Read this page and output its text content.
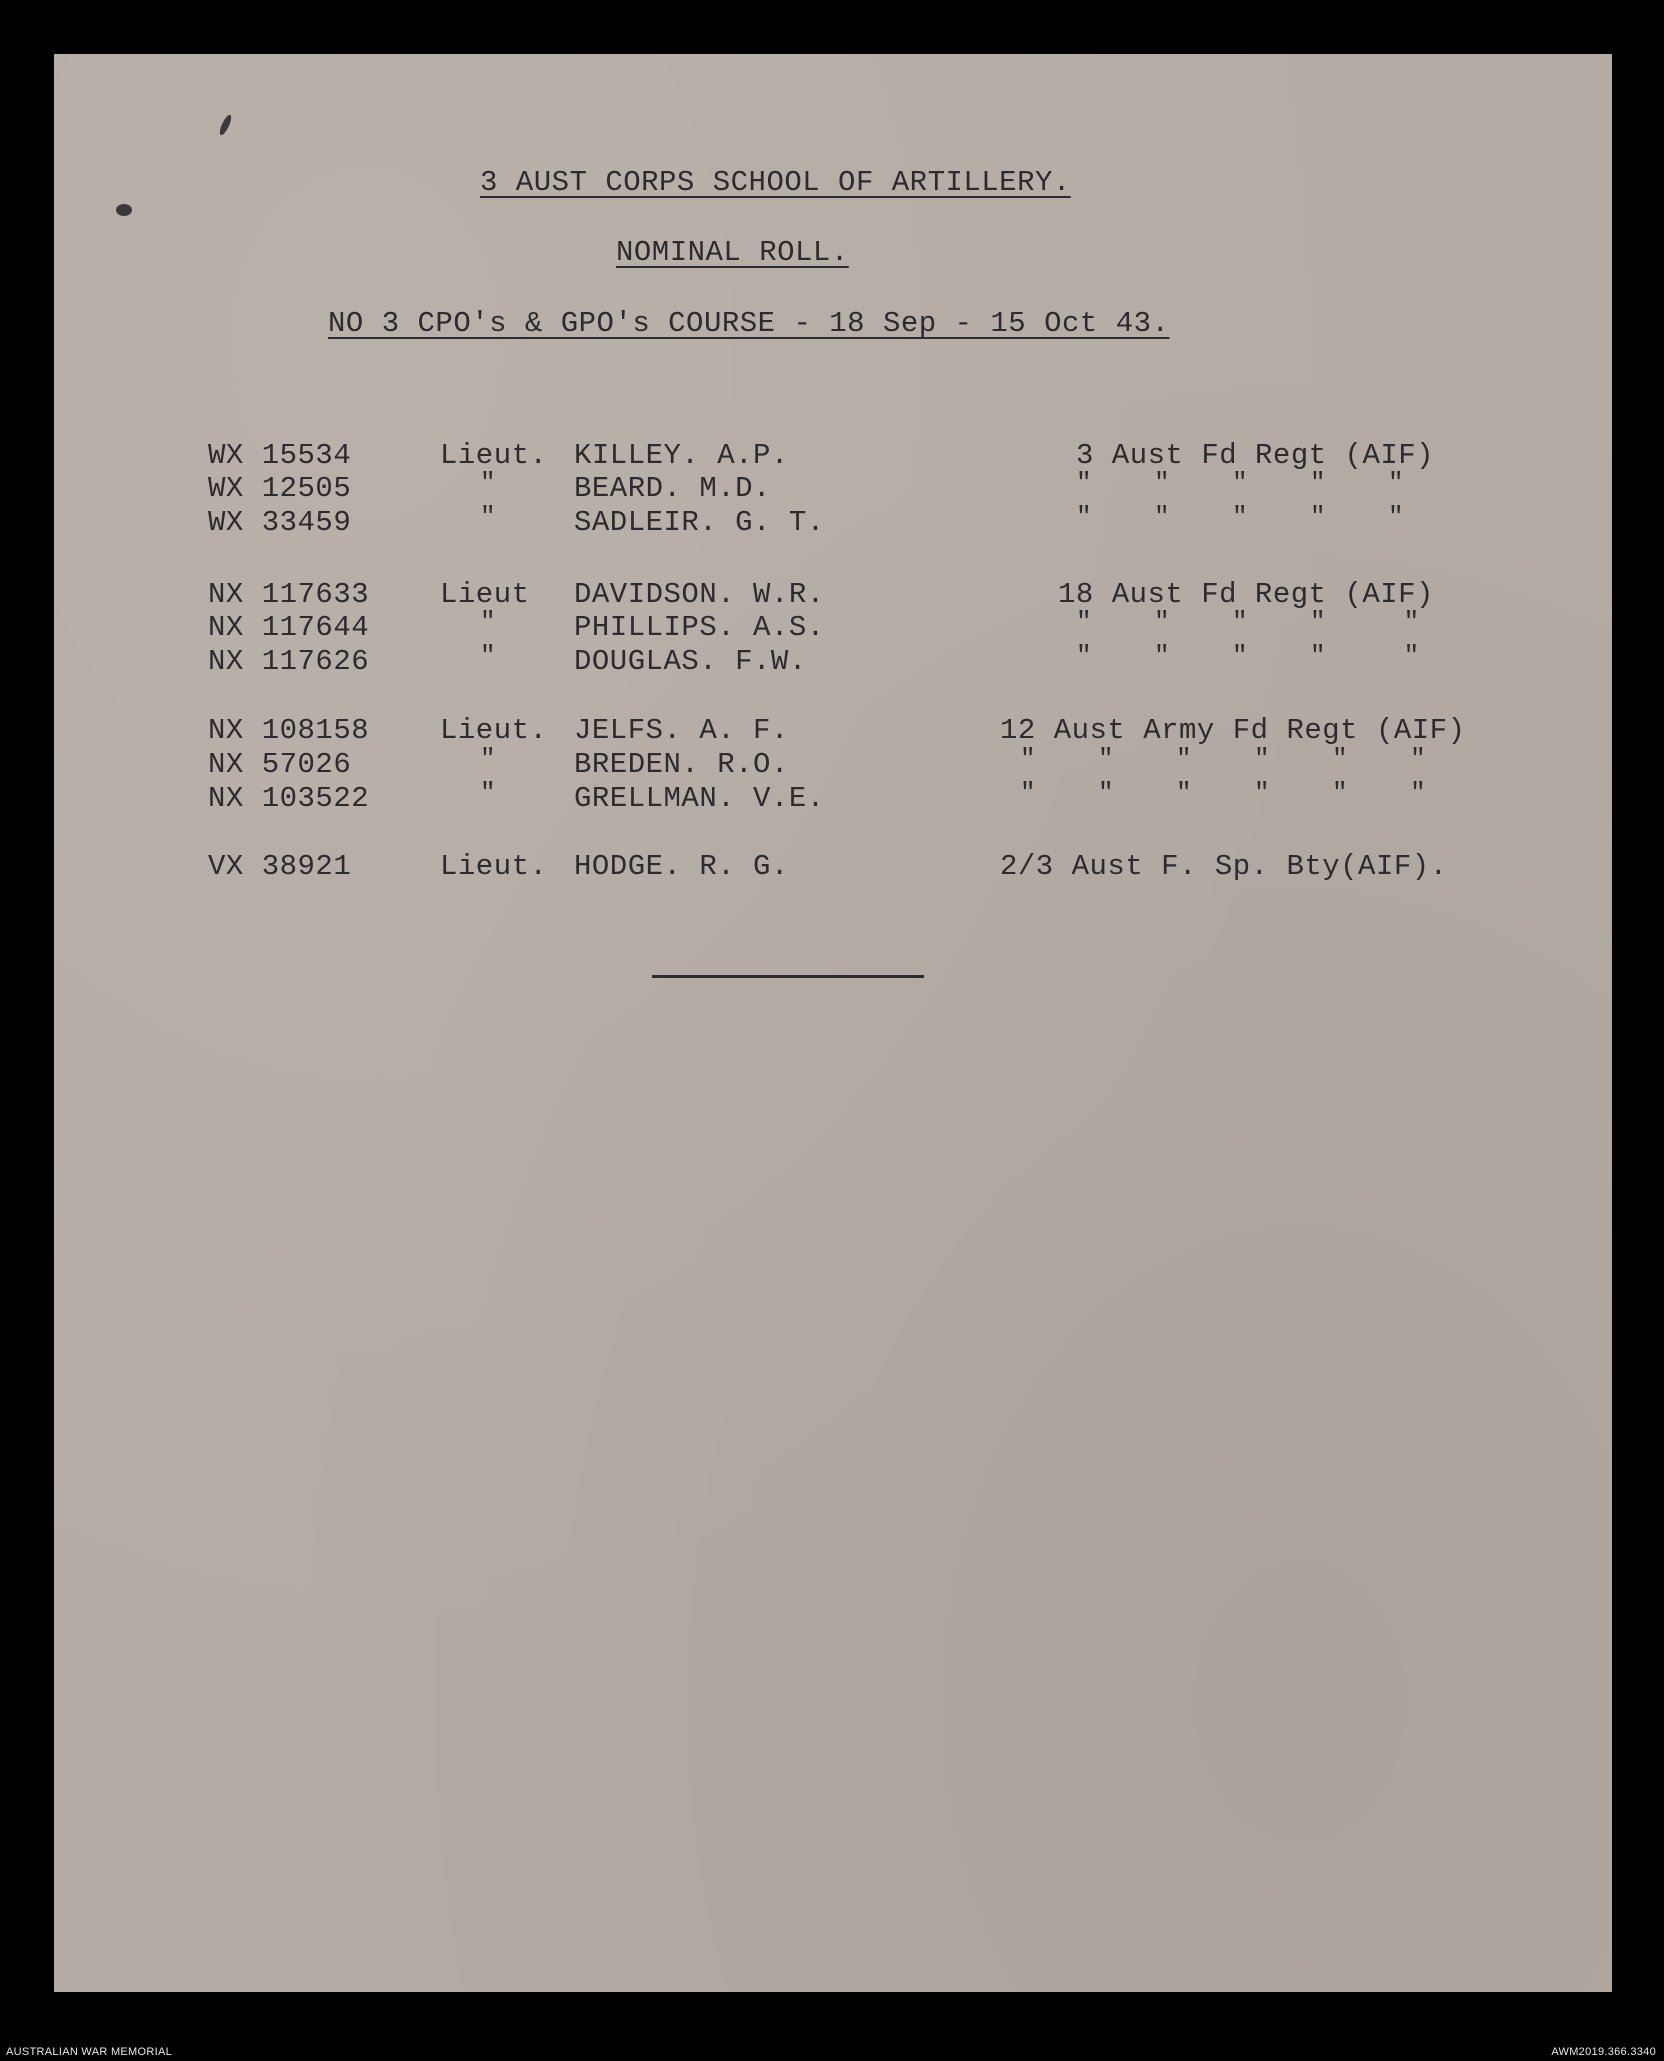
3 AUST CORPS SCHOOL OF ARTILLERY.
NOMINAL ROLL.
NO 3 CPO's & GPO's COURSE - 18 Sep - 15 Oct 43.
WX 15534	Lieut. KILLEY. A.P.	3 Aust Fd Regt (AIF)
WX 12505	"	BEARD. M.D.	"    "    "    "    "
WX 33459	"	SADLEIR. G. T.	"    "    "    "    "
NX 117633 Lieut DAVIDSON. W.R.	18 Aust Fd Regt (AIF)
NX 117644	"	PHILLIPS. A.S.	"    "    "    "     "
NX 117626	"	DOUGLAS. F.W.	"    "    "    "     "
NX 108158 Lieut. JELFS. A. F.	12 Aust Army Fd Regt (AIF)
NX 57026	"	BREDEN. R.O.	"    "    "    "    "    "
NX 103522	"	GRELLMAN. V.E.	"    "    "    "    "    "
VX 38921	Lieut. HODGE. R. G.	2/3 Aust F. Sp. Bty(AIF).
AUSTRALIAN WAR MEMORIAL	AWM2019.366.3340
